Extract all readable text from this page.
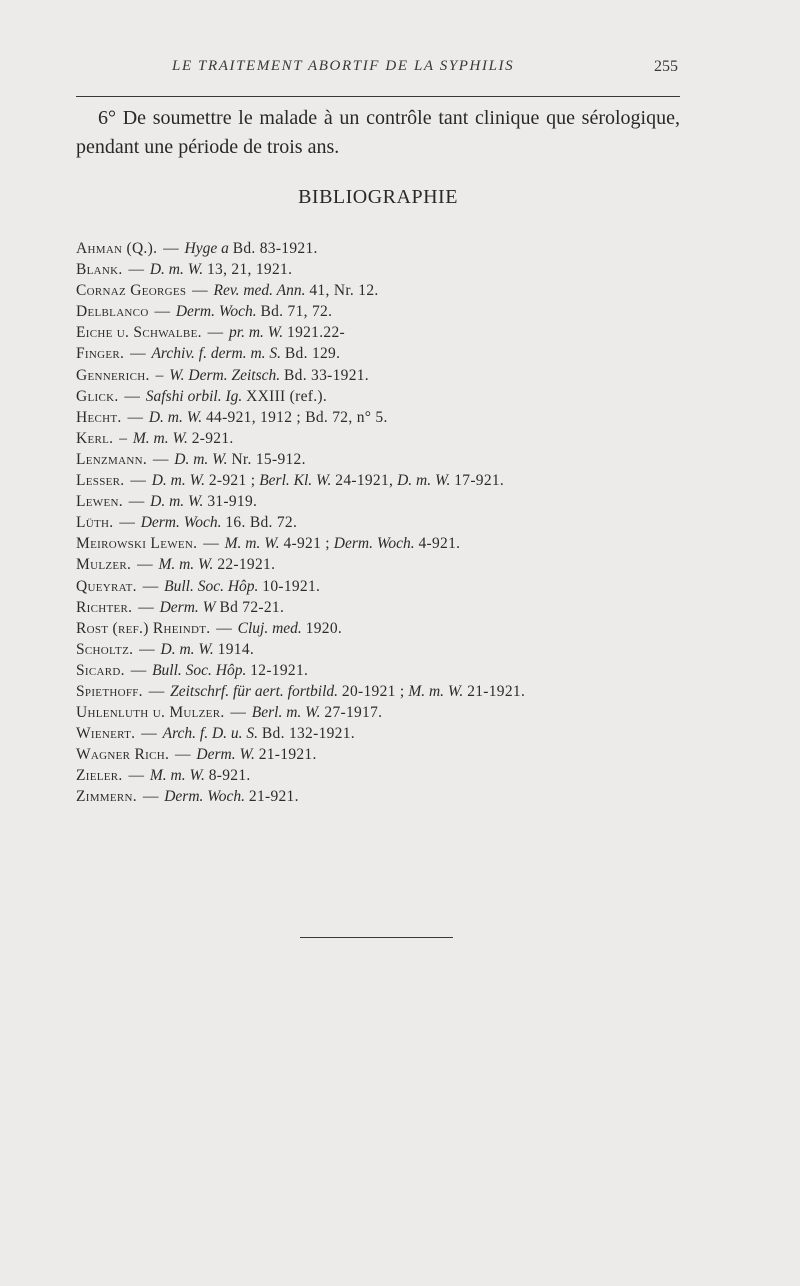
LE TRAITEMENT ABORTIF DE LA SYPHILIS	255

6° De soumettre le malade à un contrôle tant clinique que sérologique, pendant une période de trois ans.

BIBLIOGRAPHIE
Ahman (Q.). — Hyge a Bd. 83-1921.
Blank. — D. m. W. 13, 21, 1921.
Cornaz Georges — Rev. med. Ann. 41, Nr. 12.
Delblanco — Derm. Woch. Bd. 71, 72.
Eiche u. Schwalbe. — pr. m. W. 1921.22-
Finger. — Archiv. f. derm. m. S. Bd. 129.
Gennerich. – W. Derm. Zeitsch. Bd. 33-1921.
Glick. — Safshi orbil. Ig. XXIII (ref.).
Hecht. — D. m. W. 44-921, 1912 ; Bd. 72, n° 5.
Kerl. – M. m. W. 2-921.
Lenzmann. — D. m. W. Nr. 15-912.
Lesser. — D. m. W. 2-921 ; Berl. Kl. W. 24-1921, D. m. W. 17-921.
Lewen. — D. m. W. 31-919.
Lüth. — Derm. Woch. 16. Bd. 72.
Meirowski Lewen. — M. m. W. 4-921 ; Derm. Woch. 4-921.
Mulzer. — M. m. W. 22-1921.
Queyrat. — Bull. Soc. Hôp. 10-1921.
Richter. — Derm. W Bd 72-21.
Rost (ref.) Rheindt. — Cluj. med. 1920.
Scholtz. — D. m. W. 1914.
Sicard. — Bull. Soc. Hôp. 12-1921.
Spiethoff. — Zeitschrf. für aert. fortbild. 20-1921 ; M. m. W. 21-1921.
Uhlenluth u. Mulzer. — Berl. m. W. 27-1917.
Wienert. — Arch. f. D. u. S. Bd. 132-1921.
Wagner Rich. — Derm. W. 21-1921.
Zieler. — M. m. W. 8-921.
Zimmern. — Derm. Woch. 21-921.
